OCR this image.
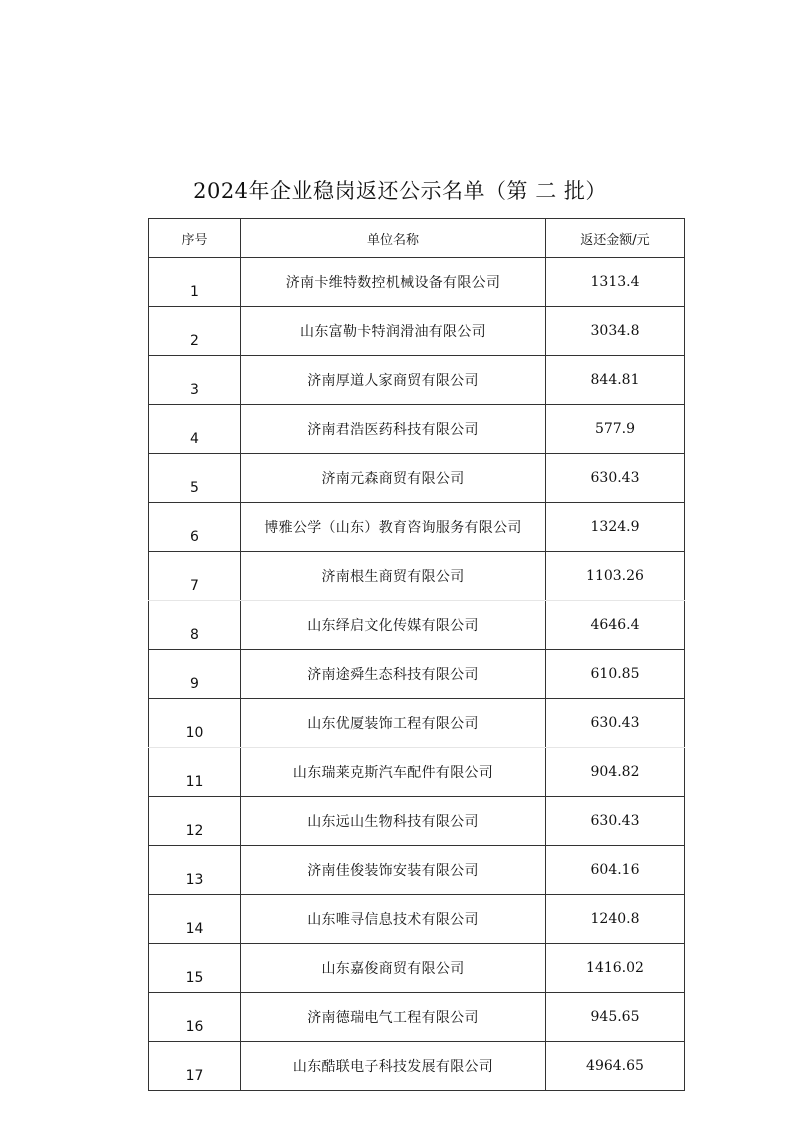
2024年企业稳岗返还公示名单（第 二 批）
序号	单位名称	返还金额/元
1	济南卡维特数控机械设备有限公司	1313.4
2	山东富勒卡特润滑油有限公司	3034.8
3	济南厚道人家商贸有限公司	844.81
4	济南君浩医药科技有限公司	577.9
5	济南元森商贸有限公司	630.43
6	博雅公学（山东）教育咨询服务有限公司	1324.9
7	济南根生商贸有限公司	1103.26
8	山东绎启文化传媒有限公司	4646.4
9	济南途舜生态科技有限公司	610.85
10	山东优厦装饰工程有限公司	630.43
11	山东瑞莱克斯汽车配件有限公司	904.82
12	山东远山生物科技有限公司	630.43
13	济南佳俊装饰安装有限公司	604.16
14	山东唯寻信息技术有限公司	1240.8
15	山东嘉俊商贸有限公司	1416.02
16	济南德瑞电气工程有限公司	945.65
17	山东酷联电子科技发展有限公司	4964.65
